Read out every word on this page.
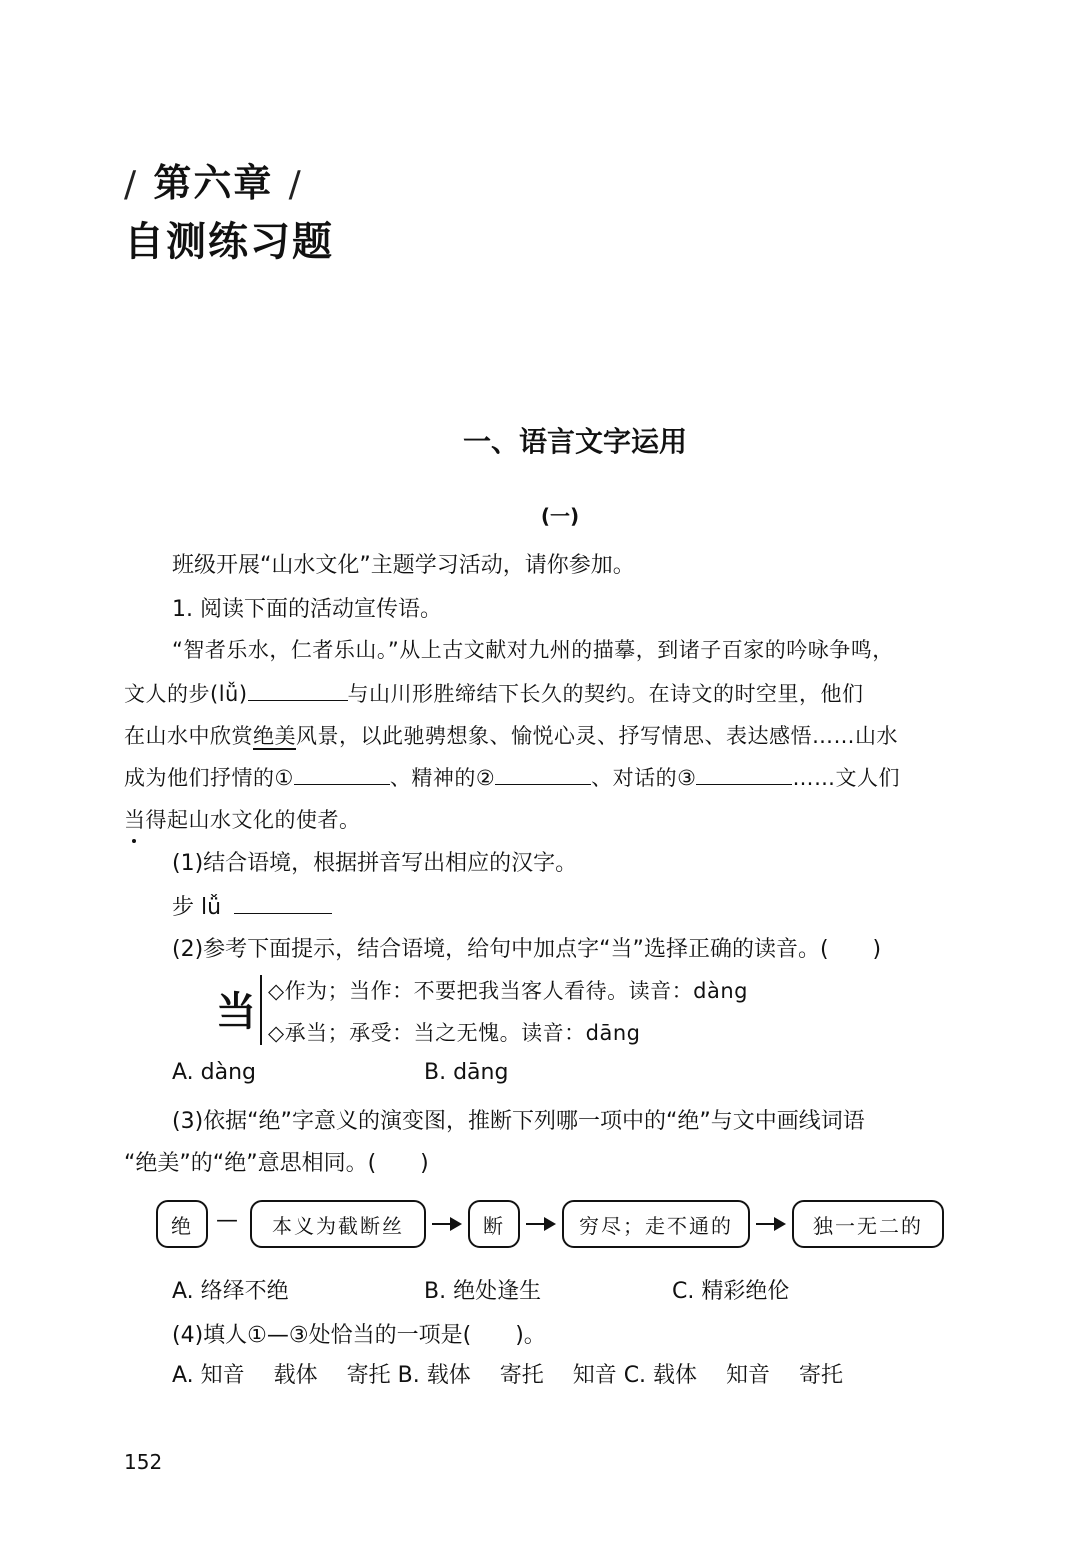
/ 第六章 /
自测练习题
一、语言文字运用
(一)
班级开展“山水文化”主题学习活动，请你参加。
1. 阅读下面的活动宣传语。
“智者乐水，仁者乐山。”从上古文献对九州的描摹，到诸子百家的吟咏争鸣，
文人的步(lǚ)	与山川形胜缔结下长久的契约。在诗文的时空里，他们
在山水中欣赏绝美风景，以此驰骋想象、愉悦心灵、抒写情思、表达感悟……山水
成为他们抒情的①	、精神的②	、对话的③	……文人们
当得起山水文化的使者。
(1)结合语境，根据拼音写出相应的汉字。
步 lǚ
(2)参考下面提示，结合语境，给句中加点字“当”选择正确的读音。(　　)
当 ◇作为；当作：不要把我当客人看待。读音：dàng
◇承当；承受：当之无愧。读音：dāng
A. dàng	B. dāng
(3)依据“绝”字意义的演变图，推断下列哪一项中的“绝”与文中画线词语
“绝美”的“绝”意思相同。(　　)
绝	—	本义为截断丝	断	穷尽；走不通的	独一无二的
A. 络绎不绝	B. 绝处逢生	C. 精彩绝伦
(4)填人①—③处恰当的一项是(　　)。
A. 知音　 载体　 寄托 B. 载体　 寄托　 知音 C. 载体　 知音　 寄托
152
